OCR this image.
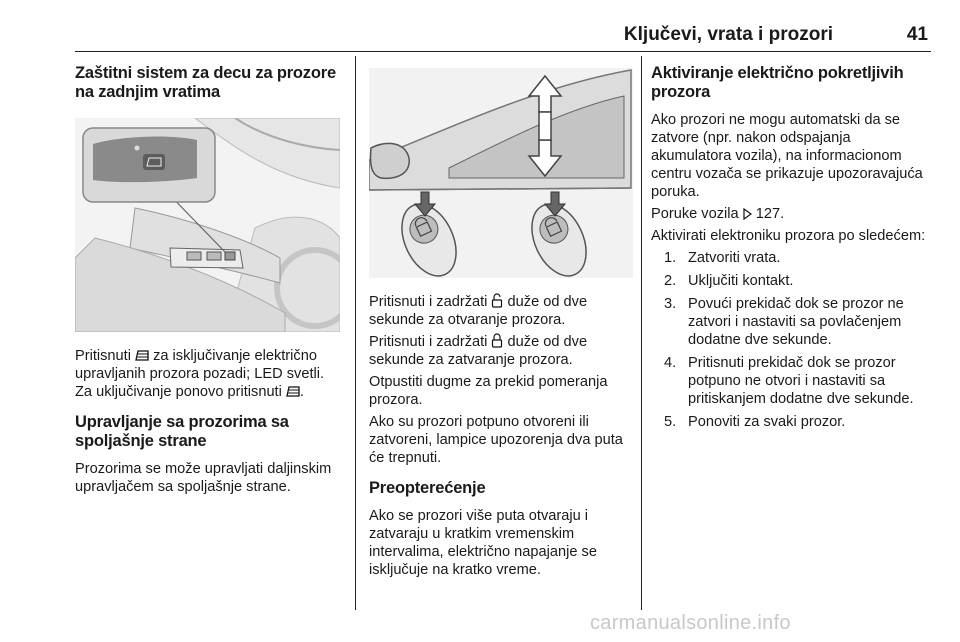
Ključevi, vrata i prozori	41
Zaštitni sistem za decu za prozore na zadnjim vratima

Pritisnuti za isključivanje električno upravljanih prozora pozadi; LED svetli. Za uključivanje ponovo pritisnuti .

Upravljanje sa prozorima sa spoljašnje strane

Prozorima se može upravljati daljinskim upravljačem sa spoljašnje strane.

Pritisnuti i zadržati duže od dve sekunde za otvaranje prozora.

Pritisnuti i zadržati duže od dve sekunde za zatvaranje prozora.

Otpustiti dugme za prekid pomeranja prozora.

Ako su prozori potpuno otvoreni ili zatvoreni, lampice upozorenja dva puta će trepnuti.

Preopterećenje

Ako se prozori više puta otvaraju i zatvaraju u kratkim vremenskim intervalima, električno napajanje se isključuje na kratko vreme.

Aktiviranje električno pokretljivih prozora

Ako prozori ne mogu automatski da se zatvore (npr. nakon odspajanja akumulatora vozila), na informacionom centru vozača se prikazuje upozoravajuća poruka.

Poruke vozila 127.

Aktivirati elektroniku prozora po sledećem:

1. Zatvoriti vrata.
2. Uključiti kontakt.
3. Povući prekidač dok se prozor ne zatvori i nastaviti sa povlačenjem dodatne dve sekunde.
4. Pritisnuti prekidač dok se prozor potpuno ne otvori i nastaviti sa pritiskanjem dodatne dve sekunde.
5. Ponoviti za svaki prozor.
carmanualsonline.info
